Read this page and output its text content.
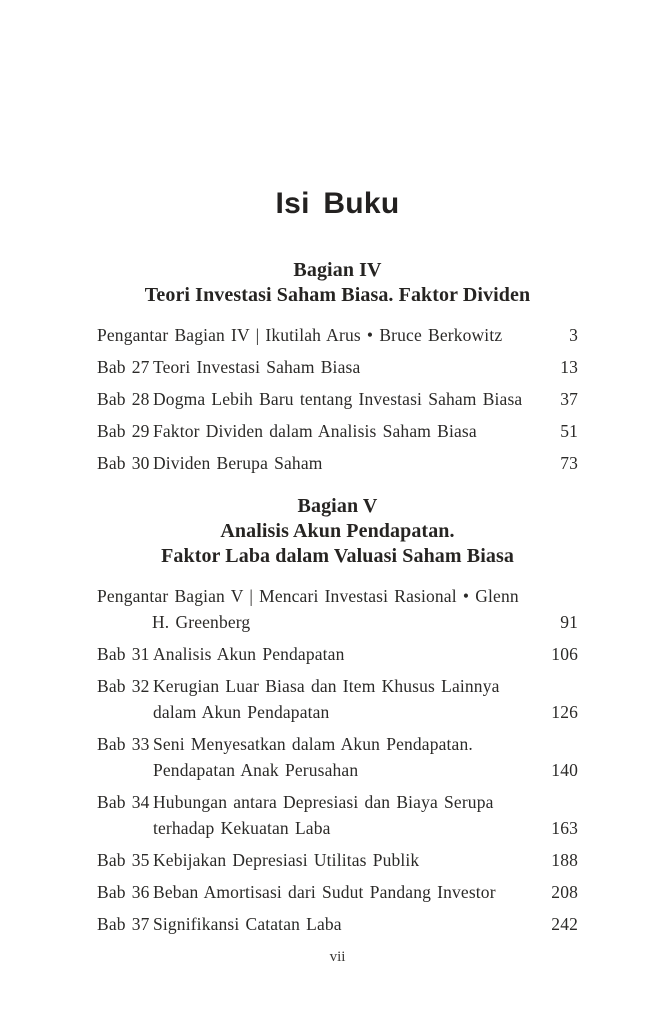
Isi Buku
Bagian IV
Teori Investasi Saham Biasa. Faktor Dividen
Pengantar Bagian IV | Ikutilah Arus • Bruce Berkowitz	3
Bab 27 Teori Investasi Saham Biasa	13
Bab 28 Dogma Lebih Baru tentang Investasi Saham Biasa	37
Bab 29 Faktor Dividen dalam Analisis Saham Biasa	51
Bab 30 Dividen Berupa Saham	73
Bagian V
Analisis Akun Pendapatan.
Faktor Laba dalam Valuasi Saham Biasa
Pengantar Bagian V | Mencari Investasi Rasional • Glenn
H. Greenberg	91
Bab 31 Analisis Akun Pendapatan	106
Bab 32 Kerugian Luar Biasa dan Item Khusus Lainnya
dalam Akun Pendapatan	126
Bab 33 Seni Menyesatkan dalam Akun Pendapatan.
Pendapatan Anak Perusahan	140
Bab 34 Hubungan antara Depresiasi dan Biaya Serupa
terhadap Kekuatan Laba	163
Bab 35 Kebijakan Depresiasi Utilitas Publik	188
Bab 36 Beban Amortisasi dari Sudut Pandang Investor	208
Bab 37 Signifikansi Catatan Laba	242
vii
